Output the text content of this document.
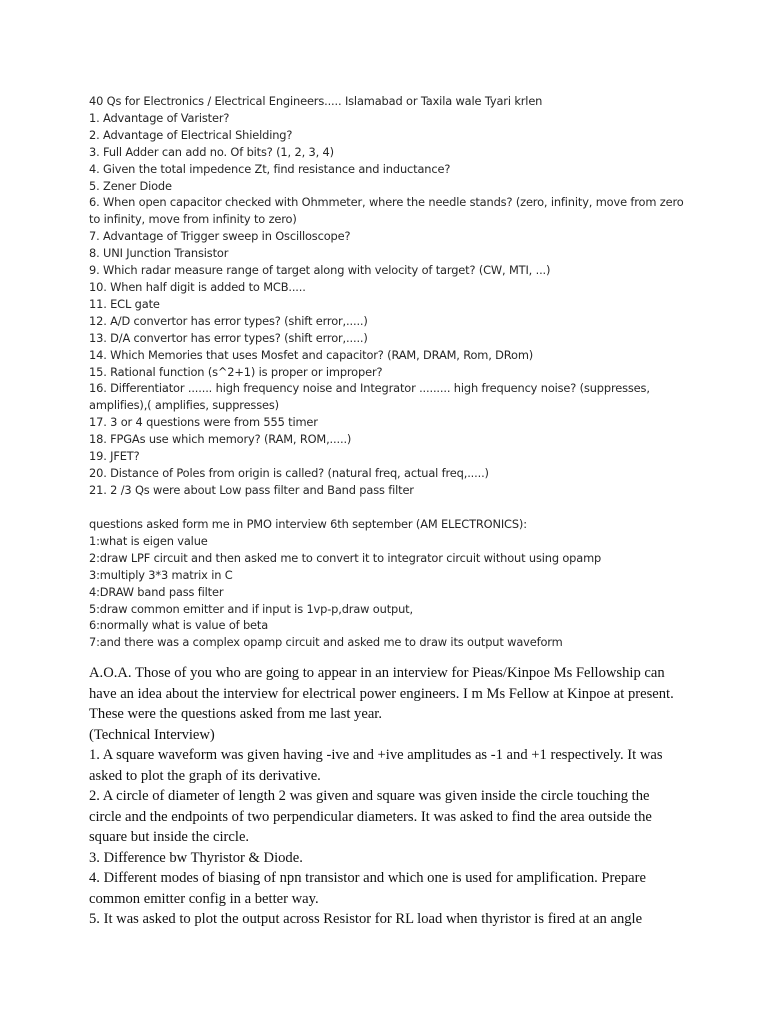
40 Qs for Electronics / Electrical Engineers..... Islamabad or Taxila wale Tyari krlen
1. Advantage of Varister?
2. Advantage of Electrical Shielding?
3. Full Adder can add no. Of bits? (1, 2, 3, 4)
4. Given the total impedence Zt, find resistance and inductance?
5. Zener Diode
6. When open capacitor checked with Ohmmeter, where the needle stands? (zero, infinity, move from zero to infinity, move from infinity to zero)
7. Advantage of Trigger sweep in Oscilloscope?
8. UNI Junction Transistor
9. Which radar measure range of target along with velocity of target? (CW, MTI, ...)
10. When half digit is added to MCB.....
11. ECL gate
12. A/D convertor has error types? (shift error,.....)
13. D/A convertor has error types? (shift error,.....)
14. Which Memories that uses Mosfet and capacitor? (RAM, DRAM, Rom, DRom)
15. Rational function (s^2+1) is proper or improper?
16. Differentiator ....... high frequency noise and Integrator ......... high frequency noise? (suppresses, amplifies),( amplifies, suppresses)
17. 3 or 4 questions were from 555 timer
18. FPGAs use which memory? (RAM, ROM,.....)
19. JFET?
20. Distance of Poles from origin is called? (natural freq, actual freq,.....)
21. 2 /3 Qs were about Low pass filter and Band pass filter
questions asked form me in PMO interview 6th september (AM ELECTRONICS):
1:what is eigen value
2:draw LPF circuit and then asked me to convert it to integrator circuit without using opamp
3:multiply 3*3 matrix in C
4:DRAW band pass filter
5:draw common emitter and if input is 1vp-p,draw output,
6:normally what is value of beta
7:and there was a complex opamp circuit and asked me to draw its output waveform

A.O.A. Those of you who are going to appear in an interview for Pieas/Kinpoe Ms Fellowship can have an idea about the interview for electrical power engineers. I m Ms Fellow at Kinpoe at present. These were the questions asked from me last year.

(Technical Interview)

1. A square waveform was given having -ive and +ive amplitudes as -1 and +1 respectively. It was asked to plot the graph of its derivative.

2. A circle of diameter of length 2 was given and square was given inside the circle touching the circle and the endpoints of two perpendicular diameters. It was asked to find the area outside the square but inside the circle.

3. Difference bw Thyristor & Diode.

4. Different modes of biasing of npn transistor and which one is used for amplification. Prepare common emitter config in a better way.

5. It was asked to plot the output across Resistor for RL load when thyristor is fired at an angle
